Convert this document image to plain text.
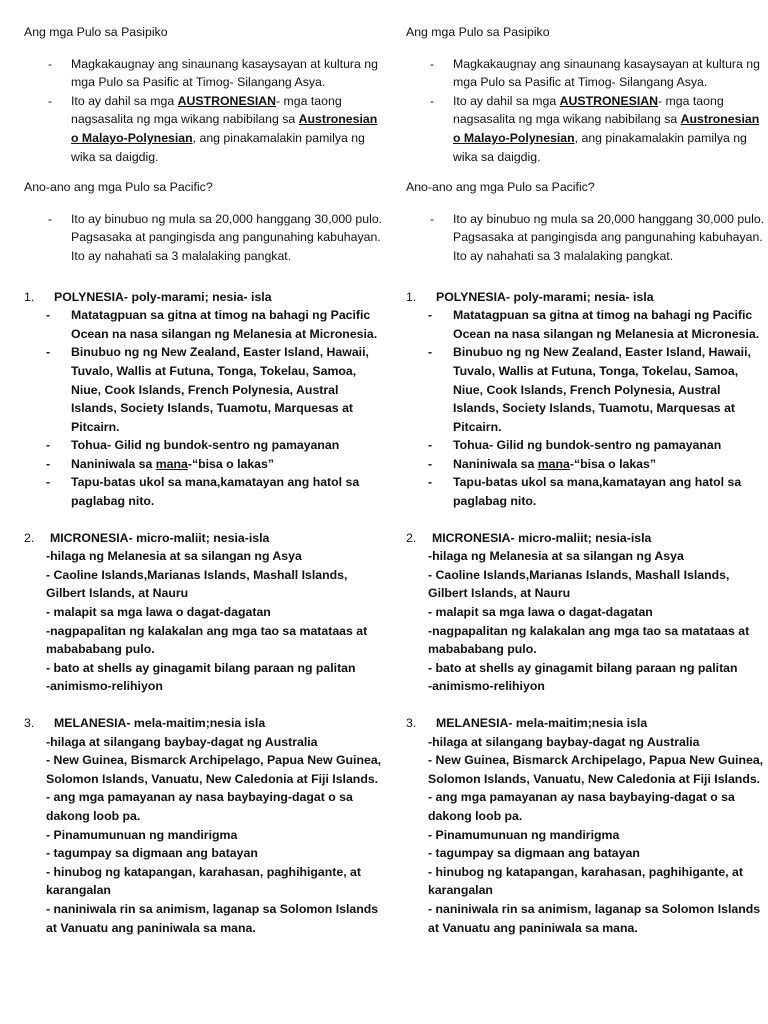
Ang mga Pulo sa Pasipiko
- Magkakaugnay ang sinaunang kasaysayan at kultura ng mga Pulo sa Pasific at Timog- Silangang Asya.
- Ito ay dahil sa mga AUSTRONESIAN- mga taong nagsasalita ng mga wikang nabibilang sa Austronesian o Malayo-Polynesian, ang pinakamalakin pamilya ng wika sa daigdig.
Ano-ano ang mga Pulo sa Pacific?
- Ito ay binubuo ng mula sa 20,000 hanggang 30,000 pulo. Pagsasaka at pangingisda ang pangunahing kabuhayan. Ito ay nahahati sa 3 malalaking pangkat.
1.	POLYNESIA- poly-marami; nesia- isla
- Matatagpuan sa gitna at timog na bahagi ng Pacific Ocean na nasa silangan ng Melanesia at Micronesia.
- Binubuo ng ng New Zealand, Easter Island, Hawaii, Tuvalo, Wallis at Futuna, Tonga, Tokelau, Samoa, Niue, Cook Islands, French Polynesia, Austral Islands, Society Islands, Tuamotu, Marquesas at Pitcairn.
- Tohua- Gilid ng bundok-sentro ng pamayanan
- Naniniwala sa mana-“bisa o lakas”
- Tapu-batas ukol sa mana,kamatayan ang hatol sa paglabag nito.
2.	MICRONESIA- micro-maliit; nesia-isla
-hilaga ng Melanesia at sa silangan ng Asya
- Caoline Islands,Marianas Islands, Mashall Islands, Gilbert Islands, at Nauru
- malapit sa mga lawa o dagat-dagatan
-nagpapalitan ng kalakalan ang mga tao sa matataas at mabababang pulo.
- bato at shells ay ginagamit bilang paraan ng palitan
-animismo-relihiyon
3.	MELANESIA- mela-maitim;nesia isla
-hilaga at silangang baybay-dagat ng Australia
- New Guinea, Bismarck Archipelago, Papua New Guinea, Solomon Islands, Vanuatu, New Caledonia at Fiji Islands.
- ang mga pamayanan ay nasa baybaying-dagat o sa dakong loob pa.
- Pinamumunuan ng mandirigma
- tagumpay sa digmaan ang batayan
- hinubog ng katapangan, karahasan, paghihigante, at karangalan
- naniniwala rin sa animism, laganap sa Solomon Islands at Vanuatu ang paniniwala sa mana.
Ang mga Pulo sa Pasipiko
- Magkakaugnay ang sinaunang kasaysayan at kultura ng mga Pulo sa Pasific at Timog- Silangang Asya.
- Ito ay dahil sa mga AUSTRONESIAN- mga taong nagsasalita ng mga wikang nabibilang sa Austronesian o Malayo-Polynesian, ang pinakamalakin pamilya ng wika sa daigdig.
Ano-ano ang mga Pulo sa Pacific?
- Ito ay binubuo ng mula sa 20,000 hanggang 30,000 pulo. Pagsasaka at pangingisda ang pangunahing kabuhayan. Ito ay nahahati sa 3 malalaking pangkat.
1.	POLYNESIA- poly-marami; nesia- isla
- Matatagpuan sa gitna at timog na bahagi ng Pacific Ocean na nasa silangan ng Melanesia at Micronesia.
- Binubuo ng ng New Zealand, Easter Island, Hawaii, Tuvalo, Wallis at Futuna, Tonga, Tokelau, Samoa, Niue, Cook Islands, French Polynesia, Austral Islands, Society Islands, Tuamotu, Marquesas at Pitcairn.
- Tohua- Gilid ng bundok-sentro ng pamayanan
- Naniniwala sa mana-“bisa o lakas”
- Tapu-batas ukol sa mana,kamatayan ang hatol sa paglabag nito.
2.	MICRONESIA- micro-maliit; nesia-isla
-hilaga ng Melanesia at sa silangan ng Asya
- Caoline Islands,Marianas Islands, Mashall Islands, Gilbert Islands, at Nauru
- malapit sa mga lawa o dagat-dagatan
-nagpapalitan ng kalakalan ang mga tao sa matataas at mabababang pulo.
- bato at shells ay ginagamit bilang paraan ng palitan
-animismo-relihiyon
3.	MELANESIA- mela-maitim;nesia isla
-hilaga at silangang baybay-dagat ng Australia
- New Guinea, Bismarck Archipelago, Papua New Guinea, Solomon Islands, Vanuatu, New Caledonia at Fiji Islands.
- ang mga pamayanan ay nasa baybaying-dagat o sa dakong loob pa.
- Pinamumunuan ng mandirigma
- tagumpay sa digmaan ang batayan
- hinubog ng katapangan, karahasan, paghihigante, at karangalan
- naniniwala rin sa animism, laganap sa Solomon Islands at Vanuatu ang paniniwala sa mana.
